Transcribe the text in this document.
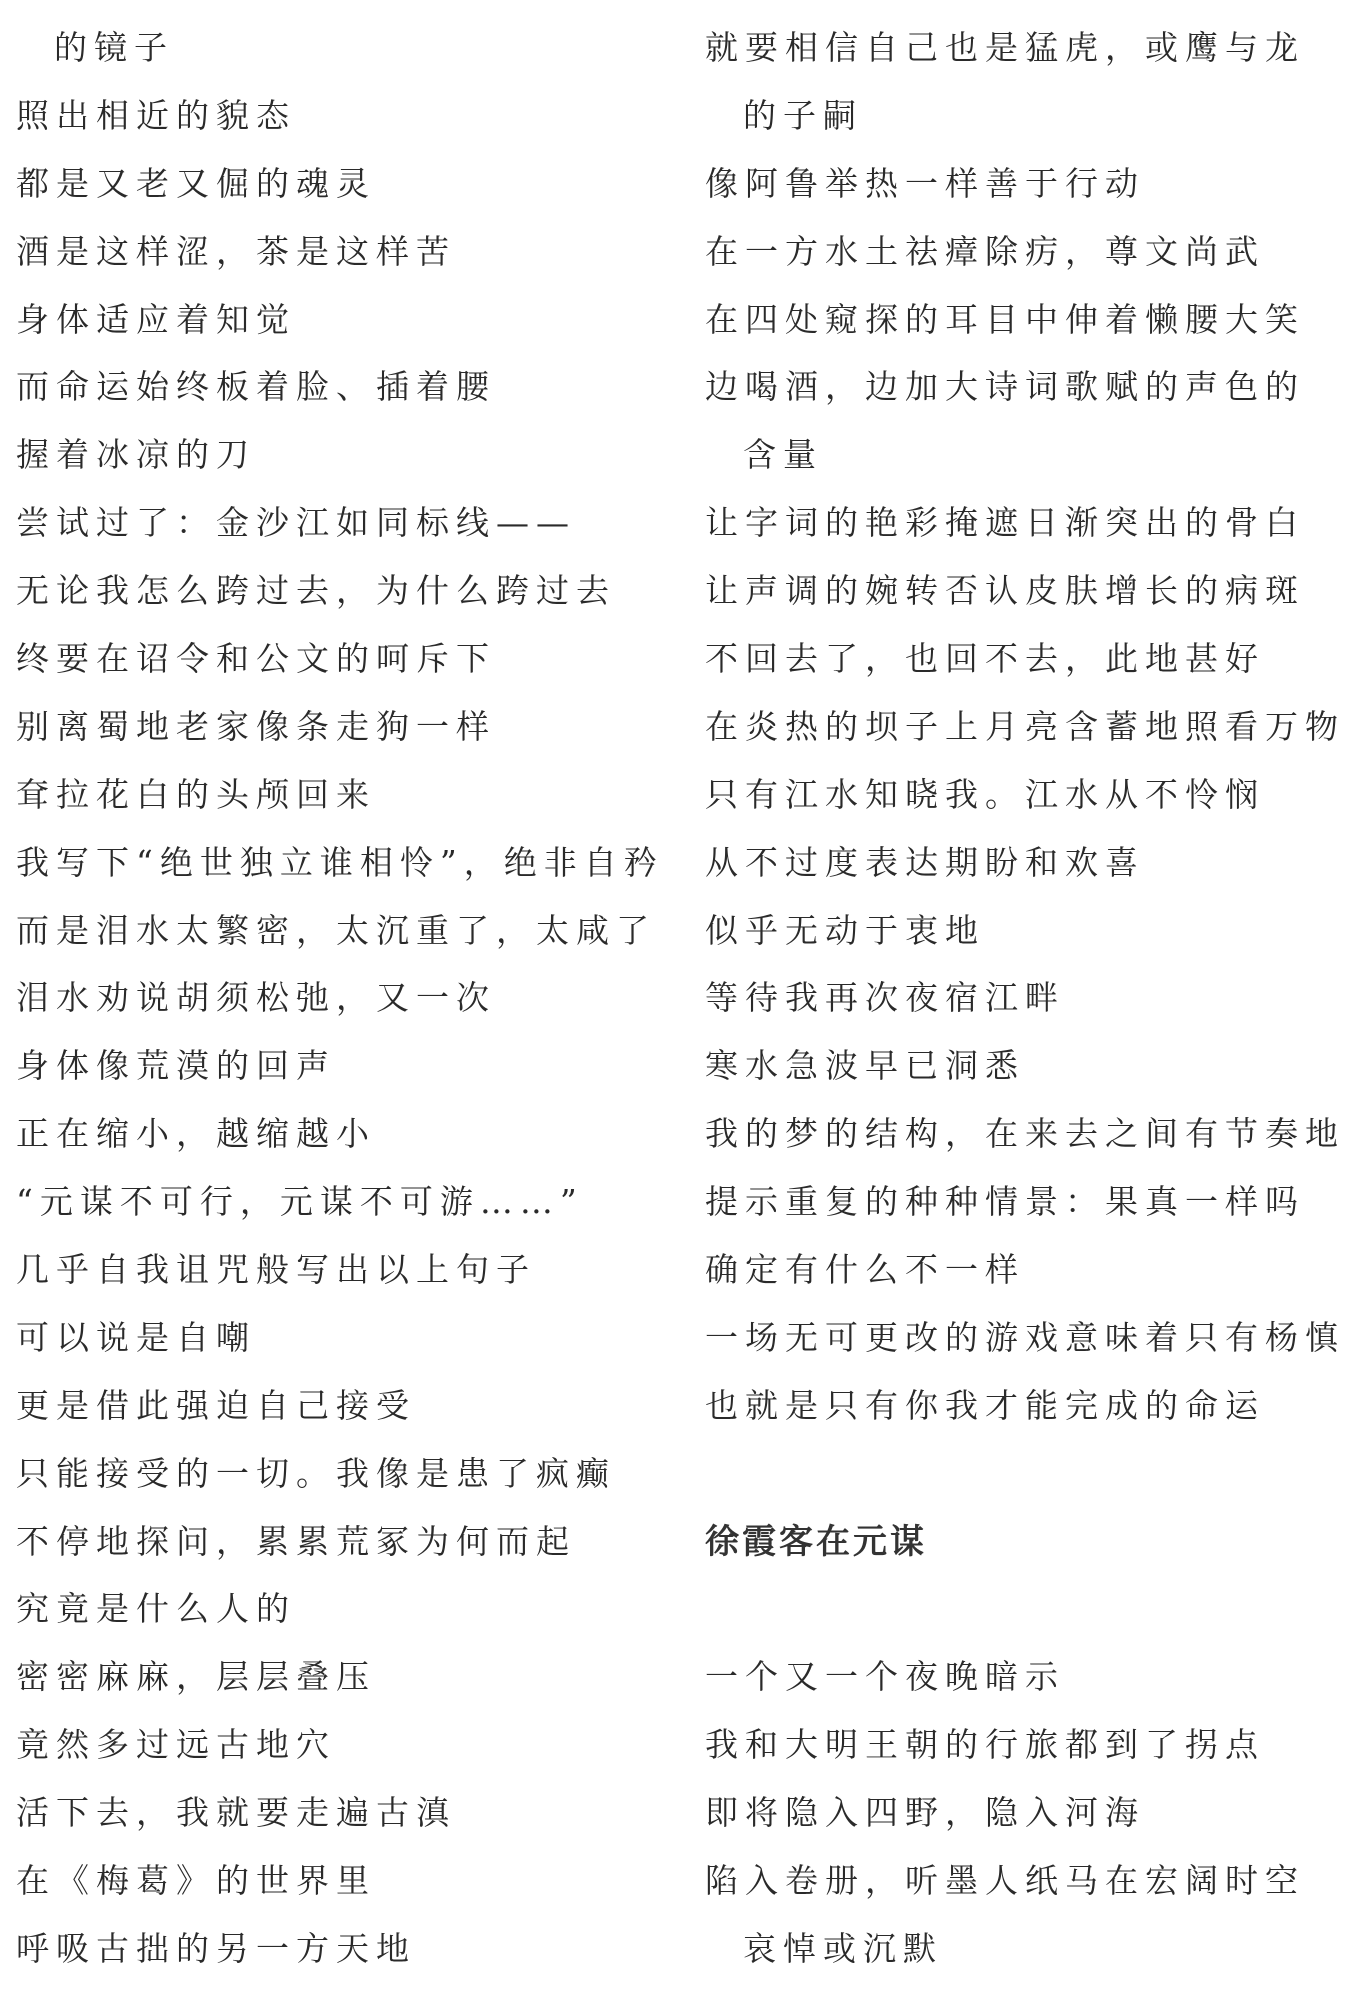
的镜子
照出相近的貌态
都是又老又倔的魂灵
酒是这样涩，茶是这样苦
身体适应着知觉
而命运始终板着脸、插着腰
握着冰凉的刀
尝试过了：金沙江如同标线——
无论我怎么跨过去，为什么跨过去
终要在诏令和公文的呵斥下
别离蜀地老家像条走狗一样
耷拉花白的头颅回来
我写下“绝世独立谁相怜”，绝非自矜
而是泪水太繁密，太沉重了，太咸了
泪水劝说胡须松弛，又一次
身体像荒漠的回声
正在缩小，越缩越小
“元谋不可行，元谋不可游……”
几乎自我诅咒般写出以上句子
可以说是自嘲
更是借此强迫自己接受
只能接受的一切。我像是患了疯癫
不停地探问，累累荒冢为何而起
究竟是什么人的
密密麻麻，层层叠压
竟然多过远古地穴
活下去，我就要走遍古滇
在《梅葛》的世界里
呼吸古拙的另一方天地
就要相信自己也是猛虎，或鹰与龙
的子嗣
像阿鲁举热一样善于行动
在一方水土祛瘴除疠，尊文尚武
在四处窥探的耳目中伸着懒腰大笑
边喝酒，边加大诗词歌赋的声色的
含量
让字词的艳彩掩遮日渐突出的骨白
让声调的婉转否认皮肤增长的病斑
不回去了，也回不去，此地甚好
在炎热的坝子上月亮含蓄地照看万物
只有江水知晓我。江水从不怜悯
从不过度表达期盼和欢喜
似乎无动于衷地
等待我再次夜宿江畔
寒水急波早已洞悉
我的梦的结构，在来去之间有节奏地
提示重复的种种情景：果真一样吗
确定有什么不一样
一场无可更改的游戏意味着只有杨慎
也就是只有你我才能完成的命运
徐霞客在元谋
一个又一个夜晚暗示
我和大明王朝的行旅都到了拐点
即将隐入四野，隐入河海
陷入卷册，听墨人纸马在宏阔时空
哀悼或沉默
